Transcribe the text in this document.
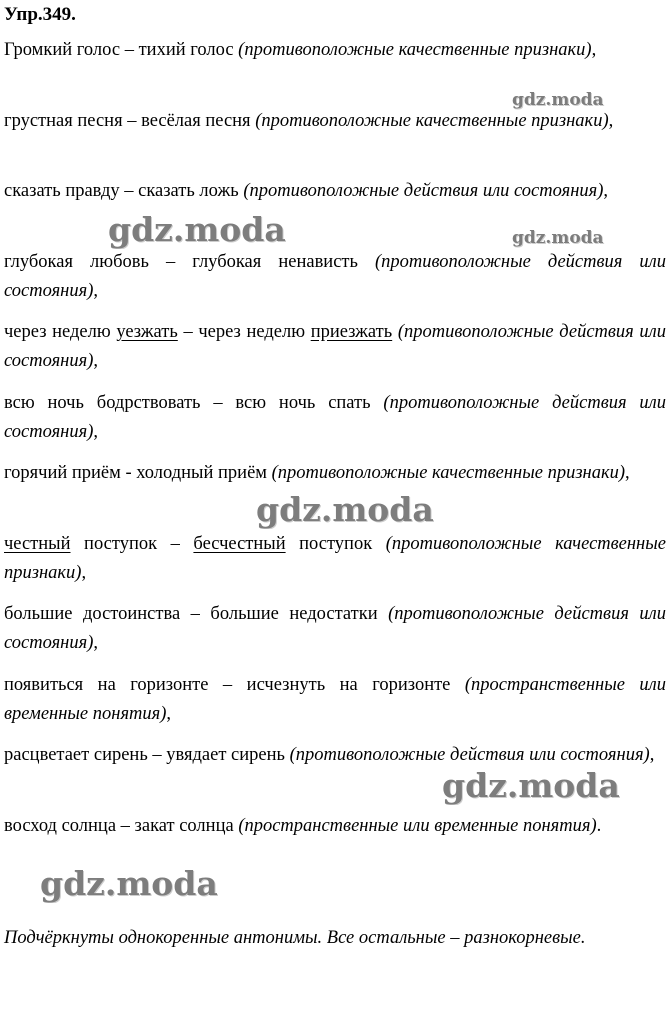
Упр.349.
Громкий голос – тихий голос (противоположные качественные признаки),
грустная песня – весёлая песня (противоположные качественные признаки),
сказать правду – сказать ложь (противоположные действия или состояния),
глубокая любовь – глубокая ненависть (противоположные действия или состояния),
через неделю уезжать – через неделю приезжать (противоположные действия или состояния),
всю ночь бодрствовать – всю ночь спать (противоположные действия или состояния),
горячий приём - холодный приём (противоположные качественные признаки),
честный поступок – бесчестный поступок (противоположные качественные признаки),
большие достоинства – большие недостатки (противоположные действия или состояния),
появиться на горизонте – исчезнуть на горизонте (пространственные или временные понятия),
расцветает сирень – увядает сирень (противоположные действия или состояния),
восход солнца – закат солнца (пространственные или временные понятия).
Подчёркнуты однокоренные антонимы. Все остальные – разнокорневые.
gdz.moda
gdz.moda	gdz.moda
gdz.moda
gdz.moda
gdz.moda
